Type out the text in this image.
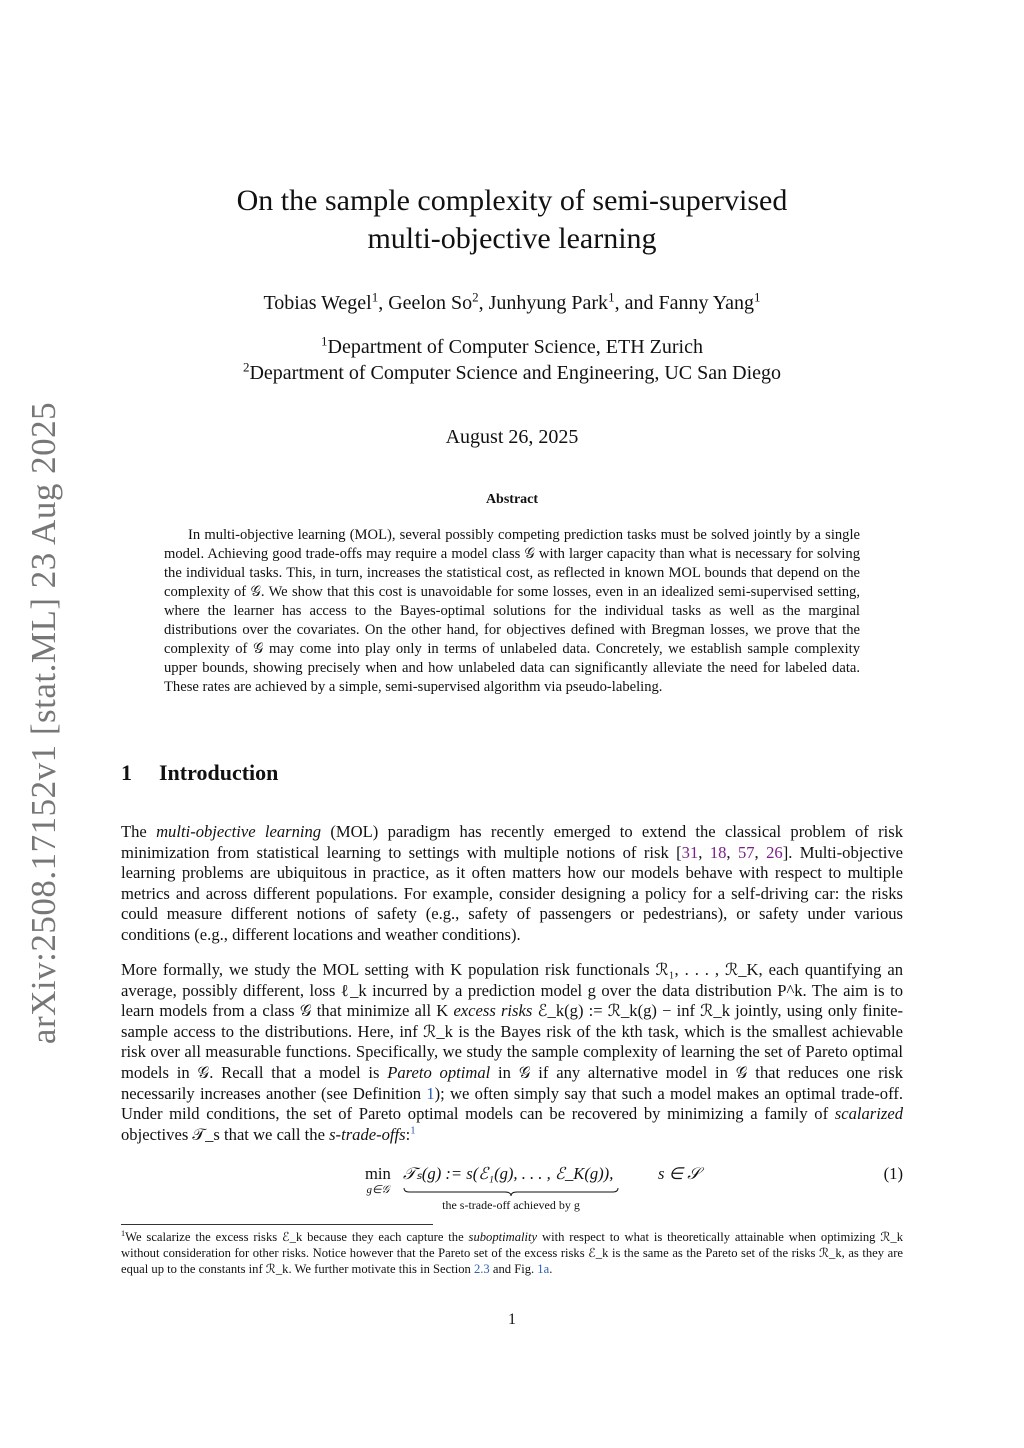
arXiv:2508.17152v1 [stat.ML] 23 Aug 2025
On the sample complexity of semi-supervised
multi-objective learning
Tobias Wegel$^1$, Geelon So$^2$, Junhyung Park$^1$, and Fanny Yang$^1$
$^1$Department of Computer Science, ETH Zurich
$^2$Department of Computer Science and Engineering, UC San Diego
August 26, 2025
Abstract

In multi-objective learning (MOL), several possibly competing prediction tasks must be solved jointly by a single model. Achieving good trade-offs may require a model class 𝒢 with larger capacity than what is necessary for solving the individual tasks. This, in turn, increases the statistical cost, as reflected in known MOL bounds that depend on the complexity of 𝒢. We show that this cost is unavoidable for some losses, even in an idealized semi-supervised setting, where the learner has access to the Bayes-optimal solutions for the individual tasks as well as the marginal distributions over the covariates. On the other hand, for objectives defined with Bregman losses, we prove that the complexity of 𝒢 may come into play only in terms of unlabeled data. Concretely, we establish sample complexity upper bounds, showing precisely when and how unlabeled data can significantly alleviate the need for labeled data. These rates are achieved by a simple, semi-supervised algorithm via pseudo-labeling.

1 Introduction

The multi-objective learning (MOL) paradigm has recently emerged to extend the classical problem of risk minimization from statistical learning to settings with multiple notions of risk [31, 18, 57, 26]. Multi-objective learning problems are ubiquitous in practice, as it often matters how our models behave with respect to multiple metrics and across different populations. For example, consider designing a policy for a self-driving car: the risks could measure different notions of safety (e.g., safety of passengers or pedestrians), or safety under various conditions (e.g., different locations and weather conditions).

More formally, we study the MOL setting with K population risk functionals ℛ₁, . . . , ℛ_K, each quantifying an average, possibly different, loss ℓ_k incurred by a prediction model g over the data distribution P^k. The aim is to learn models from a class 𝒢 that minimize all K excess risks ℰ_k(g) := ℛ_k(g) − inf ℛ_k jointly, using only finite-sample access to the distributions. Here, inf ℛ_k is the Bayes risk of the kth task, which is the smallest achievable risk over all measurable functions. Specifically, we study the sample complexity of learning the set of Pareto optimal models in 𝒢. Recall that a model is Pareto optimal in 𝒢 if any alternative model in 𝒢 that reduces one risk necessarily increases another (see Definition 1); we often simply say that such a model makes an optimal trade-off. Under mild conditions, the set of Pareto optimal models can be recovered by minimizing a family of scalarized objectives 𝒯_s that we call the s-trade-offs:$^1$

min
g∈𝒢
𝒯ₛ(g) := s(ℰ₁(g), . . . , ℰ_K(g)),
the s-trade-off achieved by g
s ∈ 𝒮	(1)
$^1$We scalarize the excess risks ℰ_k because they each capture the suboptimality with respect to what is theoretically attainable when optimizing ℛ_k without consideration for other risks. Notice however that the Pareto set of the excess risks ℰ_k is the same as the Pareto set of the risks ℛ_k, as they are equal up to the constants inf ℛ_k. We further motivate this in Section 2.3 and Fig. 1a.
1
